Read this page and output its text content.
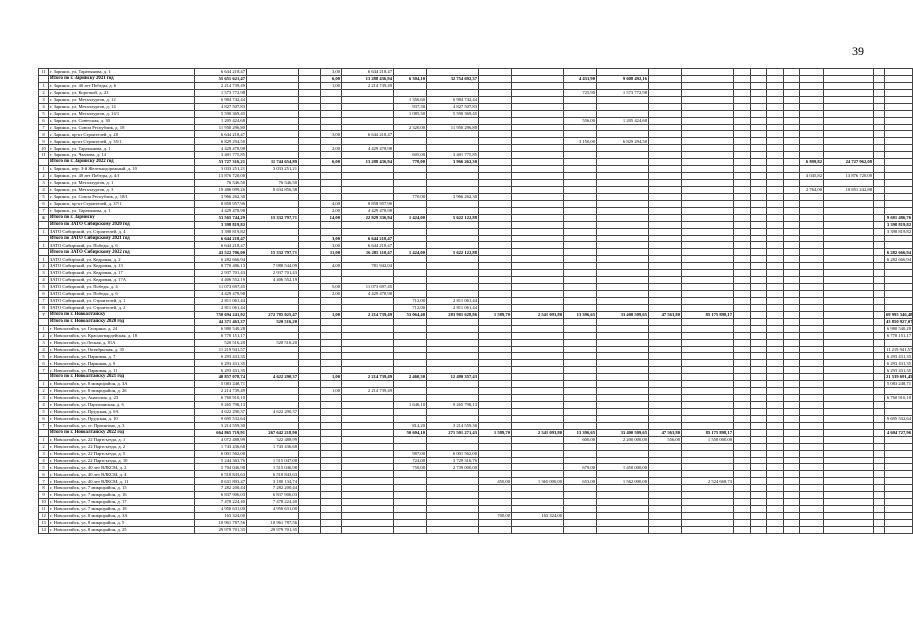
39
11	г. Заринск, ул. Таратынова, д. 1	6 644 218,47			3,00	6 644 218,47																
	Итого по г. Заринску 2021 год	55 651 621,47			6,00	13 288 436,94	6 304,10	32 754 692,37			4 431,90	9 608 492,16										
1	г. Заринск, ул. 40 лет Победы, д. 6	2 214 739,49			1,00	2 214 739,49																
2	г. Заринск, ул. Короткой, д. 23	1 573 772,98									725,90	1 573 772,98										
3	г. Заринск, ул. Металлургов, д. 12	6 984 742,44					1 356,60	6 984 742,44														
4	г. Заринск, ул. Металлургов, д. 14	4 827 507,83					937,30	4 827 507,83														
5	г. Заринск, ул. Металлургов, д. 14/1	5 590 369,45					1 085,30	5 590 369,45														
6	г. Заринск, ул. Советская, д. 30	1 205 424,68									556,00	1 205 424,68										
7	г. Заринск, ул. Союза Республик, д. 18	11 950 296,80					2 320,00	11 950 296,80														
8	г. Заринск, пр-кт Строителей, д. 28	6 644 218,47			3,00	6 644 218,47																
9	г. Заринск, пр-кт Строителей, д. 35/1	6 829 294,50									3 150,00	6 829 294,50										
10	г. Заринск, ул. Таратынова, д. 1	4 429 478,98			2,00	4 429 478,98																
11	г. Заринск, ул. Чкалова, д. 14	3 401 775,85					605,00	3 401 775,85														
	Итого по г. Заринску 2022 год	53 727 316,21	11 744 654,89		6,00	13 288 436,94	770,00	3 966 262,30											6 809,82	24 727 962,08		
1	г. Заринск, пер. 3-й Железнодорожный, д. 10	3 033 251,21	3 033 251,21																			
2	г. Заринск, ул. 40 лет Победы, д. 4/1	13 876 720,00																	4 045,82	13 876 720,00		
3	г. Заринск, ул. Металлургов, д. 1	76 546,50	76 546,50																			
4	г. Заринск, ул. Металлургов, д. 3	19 486 099,26	8 634 856,38																2 764,00	10 851 242,88		
5	г. Заринск, ул. Союза Республик, д. 18/1	3 966 262,30					770,00	3 966 262,30														
6	г. Заринск, пр-кт Строителей, д. 37/1	8 858 957,96			4,00	8 858 957,96																
7	г. Заринск, ул. Таратынова, д. 1	4 429 478,98			2,00	4 429 478,98																
6	Итого по г. Заринску	53 565 744,29	15 332 797,71		14,00	22 929 336,94	1 424,00	5 622 122,88														9 681 486,76
	Итого по ЗАТО Сибирскому 2020 год	3 398 819,82																				3 398 819,82
1	ЗАТО Сибирский, ул. Строителей, д. 4	3 398 819,82																				3 398 819,82
	Итого по ЗАТО Сибирскому 2021 год	6 644 218,47			3,00	6 644 218,47																
1	ЗАТО Сибирский, ул. Победы, д. 6	6 644 218,47			3,00	6 644 218,47																
	Итого по ЗАТО Сибирскому 2022 год	43 522 706,00	15 332 797,71		11,00	16 285 118,47	1 424,00	5 622 122,88														6 282 666,94
1	ЗАТО Сибирский, ул. Кедровая, д. 2	6 282 666,94																				6 282 666,94
2	ЗАТО Сибирский, ул. Кедровая, д. 13	8 770 486,13	7 988 544,09		4,00	781 942,04																
3	ЗАТО Сибирский, ул. Кедровая, д. 17	2 937 701,43	2 937 701,43																			
4	ЗАТО Сибирский, ул. Кедровая, д. 17А	4 406 552,19	4 406 552,19																			
5	ЗАТО Сибирский, ул. Победы, д. 4	11 073 697,45			5,00	11 073 697,45																
6	ЗАТО Сибирский, ул. Победы, д. 6	4 429 478,98			2,00	4 429 478,98																
7	ЗАТО Сибирский, ул. Строителей, д. 1	2 811 061,44					712,00	2 811 061,44														
8	ЗАТО Сибирский, ул. Строителей, д. 2	2 811 061,44					712,00	2 811 061,44														
7	Итого по г. Новоалтайску	750 694 241,92	272 785 025,47		1,00	2 214 739,49	53 064,40	283 981 628,86	1 589,70	2 541 093,80	13 396,65	33 400 509,65	47 563,80	85 175 898,17								69 995 346,48
	Итого по г. Новоалтайску 2020 год	44 371 463,37	520 516,20																			43 850 927,07
1	г. Новоалтайск, ул. Гагарина, д. 24	6 980 540,28																				6 980 540,28
2	г. Новоалтайск, ул. Красногвардейская, д. 18	6 770 151,17																				6 770 151,17
3	г. Новоалтайск, ул.Лесная, д. 81А	520 516,20	520 516,20																			
4	г. Новоалтайск, ул. Октябрьская, д. 35	11 219 941,57																				11 219 941,57
5	г. Новоалтайск, ул. Парковая, д. 7	6 293 431,35																				6 293 431,35
6	г. Новоалтайск, ул. Парковая, д. 9	6 293 431,35																				6 293 431,35
7	г. Новоалтайск, ул. Парковая, д. 11	6 293 431,35																				6 293 431,35
	Итого по г. Новоалтайску 2021 год	40 857 078,74	4 622 290,37		1,00	2 214 739,49	2 460,30	12 480 357,43														21 539 691,45
1	г. Новоалтайск, ул. 8 микрорайон, д. 3А	5 083 248,71																				5 083 248,71
2	г. Новоалтайск, ул. 8 микрорайон, д. 26	2 214 739,49			1,00	2 214 739,49																
3	г. Новоалтайск, ул. Анатолия, д. 23	6 760 910,10																				6 760 910,10
4	г. Новоалтайск, ул. Партизанская, д. 6	9 265 798,13					1 646,10	9 265 798,13														
5	г. Новоалтайск, ул. Прудская, д. 9А	4 622 290,37	4 622 290,37																			
6	г. Новоалтайск, ул. Прудская, д. 10	9 695 532,64																				9 695 532,64
7	г. Новоалтайск, ул. ст. Присягино, д. 3	3 214 559,30					814,20	3 214 559,30														
	Итого по г. Новоалтайску 2022 год	664 865 719,91	267 642 218,90				50 604,10	271 501 271,43	1 589,70	2 541 093,80	13 396,65	33 400 509,65	47 563,80	85 175 898,17								4 604 727,96
1	г. Новоалтайск, ул. 22 Партсъезда, д. 1	4 072 488,99	322 488,99								600,00	2 200 000,00	556,00	1 550 000,00								
2	г. Новоалтайск, ул. 22 Партсъезда, д. 2	1 743 436,68	1 743 436,68																			
3	г. Новоалтайск, ул. 22 Партсъезда, д. 5	6 001 562,00					987,00	6 001 562,00														
4	г. Новоалтайск, ул. 22 Партсъезда, д. 10	5 244 363,76	1 515 047,00				724,00	3 729 316,76														
5	г. Новоалтайск, ул. 40 лет ВЛКСМ, д. 2	5 704 046,98	1 515 046,98				750,00	2 739 000,00			679,00	1 450 000,00										
6	г. Новоалтайск, ул. 40 лет ВЛКСМ, д. 4	6 518 843,63	6 518 843,63																			
7	г. Новоалтайск, ул. 40 лет ВЛКСМ, д. 11	8 631 803,47	3 180 134,74						450,00	1 365 000,00	653,00	1 562 000,00		2 524 668,73								
8	г. Новоалтайск, ул. 7 микрорайон, д. 15	7 282 200,44	7 282 200,44																			
9	г. Новоалтайск, ул. 7 микрорайон, д. 16	6 837 906,03	6 837 906,03																			
10	г. Новоалтайск, ул. 7 микрорайон, д. 17	7 478 224,40	7 478 224,40																			
11	г. Новоалтайск, ул. 7 микрорайон, д. 18	4 950 631,00	4 950 631,00																			
12	г. Новоалтайск, ул. 8 микрорайон, д. 3А	163 324,00							700,00	163 324,00												
13	г. Новоалтайск, ул. 8 микрорайон, д. 5	10 961 787,56	10 961 787,56																			
14	г. Новоалтайск, ул. 8 микрорайон, д. 25	29 979 701,35	29 979 701,35																			
